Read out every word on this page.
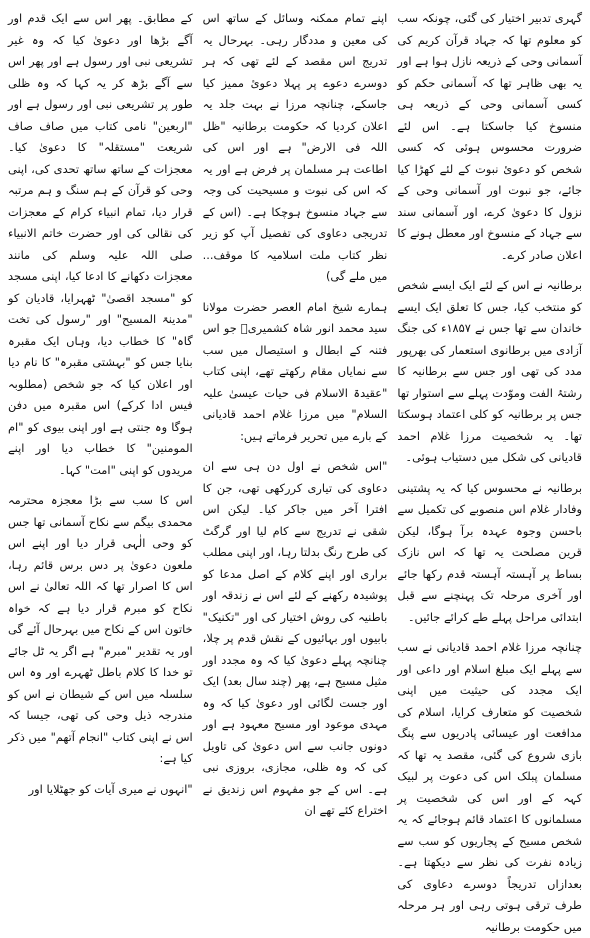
گہری تدبیر اختیار کی گئی، چونکہ سب کو معلوم تھا کہ جہاد قرآن کریم کی آسمانی وحی کے ذریعہ نازل ہوا ہے اور یہ بھی ظاہر تھا کہ آسمانی حکم کو کسی آسمانی وحی کے ذریعہ ہی منسوخ کیا جاسکتا ہے۔ اس لئے ضرورت محسوس ہوئی کہ کسی شخص کو دعوئ نبوت کے لئے کھڑا کیا جائے، جو نبوت اور آسمانی وحی کے نزول کا دعویٰ کرے، اور آسمانی سند سے جہاد کے منسوخ اور معطل ہونے کا اعلان صادر کرے۔

برطانیہ نے اس کے لئے ایک ایسے شخص کو منتخب کیا، جس کا تعلق ایک ایسے خاندان سے تھا جس نے ۱۸۵۷ء کی جنگ آزادی میں برطانوی استعمار کی بھرپور مدد کی تھی اور جس سے برطانیہ کا رشتۂ الفت وموّدت پہلے سے استوار تھا جس پر برطانیہ کو کلی اعتماد ہوسکتا تھا۔ یہ شخصیت مرزا غلام احمد قادیانی کی شکل میں دستیاب ہوئی۔

برطانیہ نے محسوس کیا کہ یہ پشتینی وفادار غلام اس منصوبے کی تکمیل سے باحسن وجوہ عہدہ برآ ہوگا، لیکن قرین مصلحت یہ تھا کہ اس نازک بساط پر آہستہ آہستہ قدم رکھا جائے اور آخری مرحلہ تک پہنچنے سے قبل ابتدائی مراحل پہلے طے کرائے جائیں۔

چنانچہ مرزا غلام احمد قادیانی نے سب سے پہلے ایک مبلغ اسلام اور داعی اور ایک مجدد کی حیثیت میں اپنی شخصیت کو متعارف کرایا، اسلام کی مدافعت اور عیسائی پادریوں سے پنگ بازی شروع کی گئی، مقصد یہ تھا کہ مسلمان پبلک اس کی دعوت پر لبیک کہہ کے اور اس کی شخصیت پر مسلمانوں کا اعتماد قائم ہوجائے کہ یہ شخص مسیح کے پجاریوں کو سب سے زیادہ نفرت کی نظر سے دیکھتا ہے۔ بعدازاں تدریجاً دوسرے دعاوی کی طرف ترقی ہوتی رہی اور ہر مرحلہ میں حکومت برطانیہ

اپنے تمام ممکنہ وسائل کے ساتھ اس کی معین و مددگار رہی۔ بہرحال یہ تدریج اس مقصد کے لئے تھی کہ ہر دوسرے دعوے پر پہلا دعوئ ممیز کیا جاسکے، چنانچہ مرزا نے بہت جلد یہ اعلان کردیا کہ حکومت برطانیہ "ظل اللہ فی الارض" ہے اور اس کی اطاعت ہر مسلمان پر فرض ہے اور یہ کہ اس کی نبوت و مسیحیت کی وجہ سے جہاد منسوخ ہوچکا ہے۔ (اس کے تدریجی دعاوی کی تفصیل آپ کو زیر نظر کتاب ملت اسلامیہ کا موقف... میں ملے گی)

ہمارے شیخ امام العصر حضرت مولانا سید محمد انور شاہ کشمیریؒ جو اس فتنہ کے ابطال و استیصال میں سب سے نمایاں مقام رکھتے تھے، اپنی کتاب "عقیدۃ الاسلام فی حیات عیسیٰ علیہ السلام" میں مرزا غلام احمد قادیانی کے بارے میں تحریر فرماتے ہیں:

"اس شخص نے اول دن ہی سے ان دعاوی کی تیاری کررکھی تھی، جن کا افترا آخر میں جاکر کیا۔ لیکن اس شقی نے تدریج سے کام لیا اور گرگٹ کی طرح رنگ بدلتا رہا، اور اپنی مطلب براری اور اپنے کلام کے اصل مدعا کو پوشیدہ رکھنے کے لئے اس نے زندقہ اور باطنیہ کی روش اختیار کی اور "تکنیک" بابیوں اور بہائیوں کے نقش قدم پر چلا، چنانچہ پہلے دعویٰ کیا کہ وہ مجدد اور مثیل مسیح ہے، پھر (چند سال بعد) ایک اور جست لگائی اور دعویٰ کیا کہ وہ مہدی موعود اور مسیح معہود ہے اور دونوں جانب سے اس دعویٰ کی تاویل کی کہ وہ ظلی، مجازی، بروزی نبی ہے۔ اس کے جو مفہوم اس زندیق نے اختراع کئے تھے ان

کے مطابق۔ پھر اس سے ایک قدم اور آگے بڑھا اور دعویٰ کیا کہ وہ غیر تشریعی نبی اور رسول ہے اور پھر اس سے آگے بڑھ کر یہ کہا کہ وہ ظلی طور پر تشریعی نبی اور رسول ہے اور "اربعین" نامی کتاب میں صاف صاف شریعت "مستقلہ" کا دعویٰ کیا۔ معجزات کے ساتھ ساتھ تحدی کی، اپنی وحی کو قرآن کے ہم سنگ و ہم مرتبہ قرار دیا، تمام انبیاء کرام کے معجزات کی نقالی کی اور حضرت خاتم الانبیاء صلی اللہ علیہ وسلم کی مانند معجزات دکھانے کا ادعا کیا، اپنی مسجد کو "مسجد اقصیٰ" ٹھہرایا، قادیان کو "مدینۃ المسیح" اور "رسول کی تخت گاہ" کا خطاب دیا، وہاں ایک مقبرہ بنایا جس کو "بہشتی مقبرہ" کا نام دیا اور اعلان کیا کہ جو شخص (مطلوبہ فیس ادا کرکے) اس مقبرہ میں دفن ہوگا وہ جنتی ہے اور اپنی بیوی کو "ام المومنین" کا خطاب دیا اور اپنے مریدوں کو اپنی "امت" کہا۔

اس کا سب سے بڑا معجزہ محترمہ محمدی بیگم سے نکاح آسمانی تھا جس کو وحی الٰہی قرار دیا اور اپنے اس ملعون دعویٰ پر دس برس قائم رہا، اس کا اصرار تھا کہ اللہ تعالیٰ نے اس نکاح کو مبرم قرار دیا ہے کہ خواہ خاتون اس کے نکاح میں بہرحال آئے گی اور یہ تقدیر "مبرم" ہے اگر یہ ٹل جائے تو خدا کا کلام باطل ٹھہرے اور وہ اس سلسلہ میں اس کے شیطان نے اس کو مندرجہ ذیل وحی کی تھی، جیسا کہ اس نے اپنی کتاب "انجام آتھم" میں ذکر کیا ہے:

"انہوں نے میری آیات کو جھٹلایا اور
